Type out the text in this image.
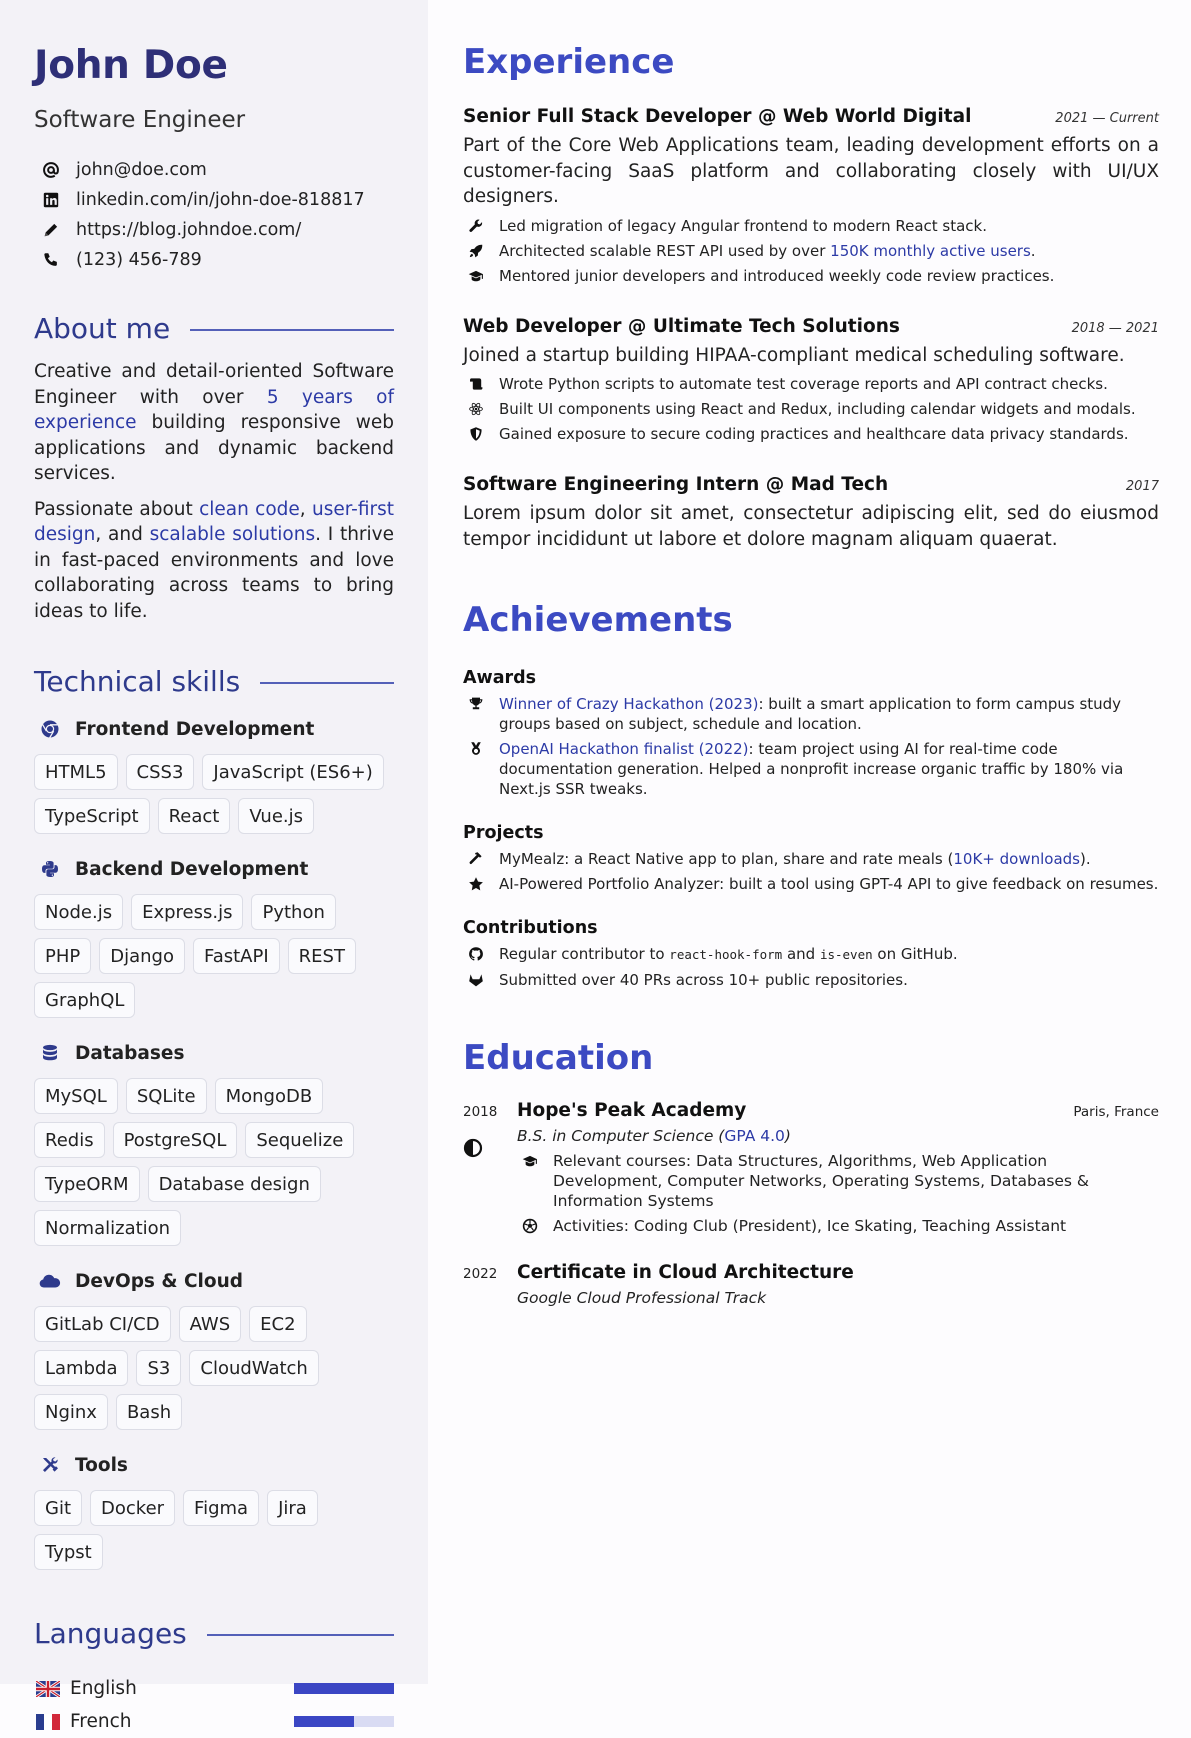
John Doe
Software Engineer
john@doe.com
linkedin.com/in/john-doe-818817
https://blog.johndoe.com/
(123) 456-789
About me

Creative and detail-oriented Software Engineer with over 5 years of experience building responsive web applications and dynamic backend services.

Passionate about clean code, user-first design, and scalable solutions. I thrive in fast-paced environments and love collaborating across teams to bring ideas to life.

Technical skills
Frontend Development
HTML5	CSS3	JavaScript (ES6+)
TypeScript	React	Vue.js
Backend Development
Node.js	Express.js	Python
PHP	Django	FastAPI	REST
GraphQL
Databases
MySQL	SQLite	MongoDB
Redis	PostgreSQL	Sequelize
TypeORM	Database design
Normalization
DevOps & Cloud
GitLab CI/CD	AWS	EC2
Lambda	S3	CloudWatch
Nginx	Bash
Tools
Git	Docker	Figma	Jira
Typst
Languages
English
French
Experience
Senior Full Stack Developer @ Web World Digital	2021 — Current
Part of the Core Web Applications team, leading development efforts on a customer-facing SaaS platform and collaborating closely with UI/UX designers.
Led migration of legacy Angular frontend to modern React stack.
Architected scalable REST API used by over 150K monthly active users.
Mentored junior developers and introduced weekly code review practices.
Web Developer @ Ultimate Tech Solutions	2018 — 2021
Joined a startup building HIPAA-compliant medical scheduling software.
Wrote Python scripts to automate test coverage reports and API contract checks.
Built UI components using React and Redux, including calendar widgets and modals.
Gained exposure to secure coding practices and healthcare data privacy standards.
Software Engineering Intern @ Mad Tech	2017
Lorem ipsum dolor sit amet, consectetur adipiscing elit, sed do eiusmod tempor incididunt ut labore et dolore magnam aliquam quaerat.
Achievements
Awards
Winner of Crazy Hackathon (2023): built a smart application to form campus study groups based on subject, schedule and location.
OpenAI Hackathon finalist (2022): team project using AI for real-time code documentation generation. Helped a nonprofit increase organic traffic by 180% via Next.js SSR tweaks.
Projects
MyMealz: a React Native app to plan, share and rate meals (10K+ downloads).
AI-Powered Portfolio Analyzer: built a tool using GPT-4 API to give feedback on resumes.
Contributions
Regular contributor to react-hook-form and is-even on GitHub.
Submitted over 40 PRs across 10+ public repositories.
Education
2018	Hope's Peak Academy	Paris, France
B.S. in Computer Science (GPA 4.0)
Relevant courses: Data Structures, Algorithms, Web Application Development, Computer Networks, Operating Systems, Databases & Information Systems
Activities: Coding Club (President), Ice Skating, Teaching Assistant
2022	Certificate in Cloud Architecture
Google Cloud Professional Track
